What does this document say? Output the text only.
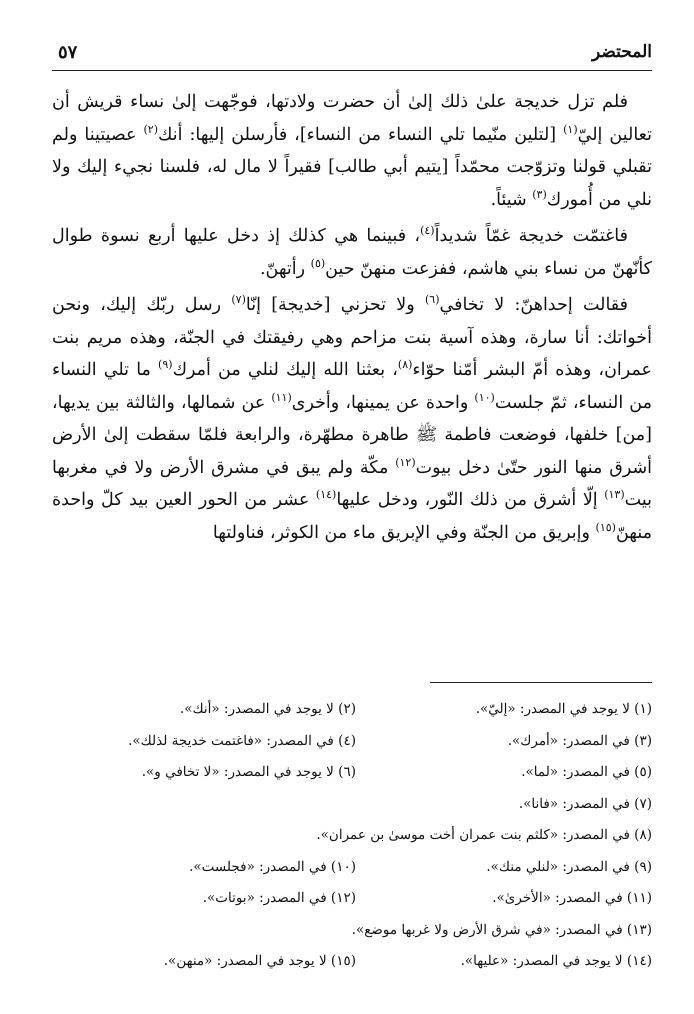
المحتضر
٥٧

فلم تزل خديجة علىٰ ذلك إلىٰ أن حضرت ولادتها، فوجّهت إلىٰ نساء قريش أن تعالين إليّ$^{(١)}$ [لتلين منّيما تلي النساء من النساء]، فأرسلن إليها: أنك$^{(٢)}$ عصيتينا ولم تقبلي قولنا وتزوّجت محمّداً [يتيم أبي طالب] فقيراً لا مال له، فلسنا نجيء إليك ولا نلي من أُمورك$^{(٣)}$ شيئاً.

فاغتمّت خديجة غمّاً شديداً$^{(٤)}$، فبينما هي كذلك إذ دخل عليها أربع نسوة طوال كأنّهنّ من نساء بني هاشم، ففزعت منهنّ حين$^{(٥)}$ رأتهنّ.

فقالت إحداهنّ: لا تخافي$^{(٦)}$ ولا تحزني [خديجة] إنّا$^{(٧)}$ رسل ربّك إليك، ونحن أخواتك: أنا سارة، وهذه آسية بنت مزاحم وهي رفيقتك في الجنّة، وهذه مريم بنت عمران، وهذه أمّ البشر أمّنا حوّاء$^{(٨)}$، بعثنا الله إليك لنلي من أمرك$^{(٩)}$ ما تلي النساء من النساء، ثمّ جلست$^{(١٠)}$ واحدة عن يمينها، وأخرى$^{(١١)}$ عن شمالها، والثالثة بين يديها، [من] خلفها، فوضعت فاطمة ﷺ طاهرة مطهّرة، والرابعة فلمّا سقطت إلىٰ الأرض أشرق منها النور حتّىٰ دخل بيوت$^{(١٢)}$ مكّة ولم يبق في مشرق الأرض ولا في مغربها بيت$^{(١٣)}$ إلّا أشرق من ذلك النّور، ودخل عليها$^{(١٤)}$ عشر من الحور العين بيد كلّ واحدة منهنّ$^{(١٥)}$ وإبريق من الجنّة وفي الإبريق ماء من الكوثر، فناولتها

(١) لا يوجد في المصدر: «إليّ».
(٢) لا يوجد في المصدر: «أنك».
(٣) في المصدر: «أمرك».
(٤) في المصدر: «فاغتمت خديجة لذلك».
(٥) في المصدر: «لما».
(٦) لا يوجد في المصدر: «لا تخافي و».
(٧) في المصدر: «فانا».
(٨) في المصدر: «كلثم بنت عمران أخت موسىٰ بن عمران».
(٩) في المصدر: «لنلي منك».
(١٠) في المصدر: «فجلست».
(١١) في المصدر: «الأخرىٰ».
(١٢) في المصدر: «بوتات».
(١٣) في المصدر: «في شرق الأرض ولا غربها موضع».
(١٤) لا يوجد في المصدر: «عليها».
(١٥) لا يوجد في المصدر: «منهن».
